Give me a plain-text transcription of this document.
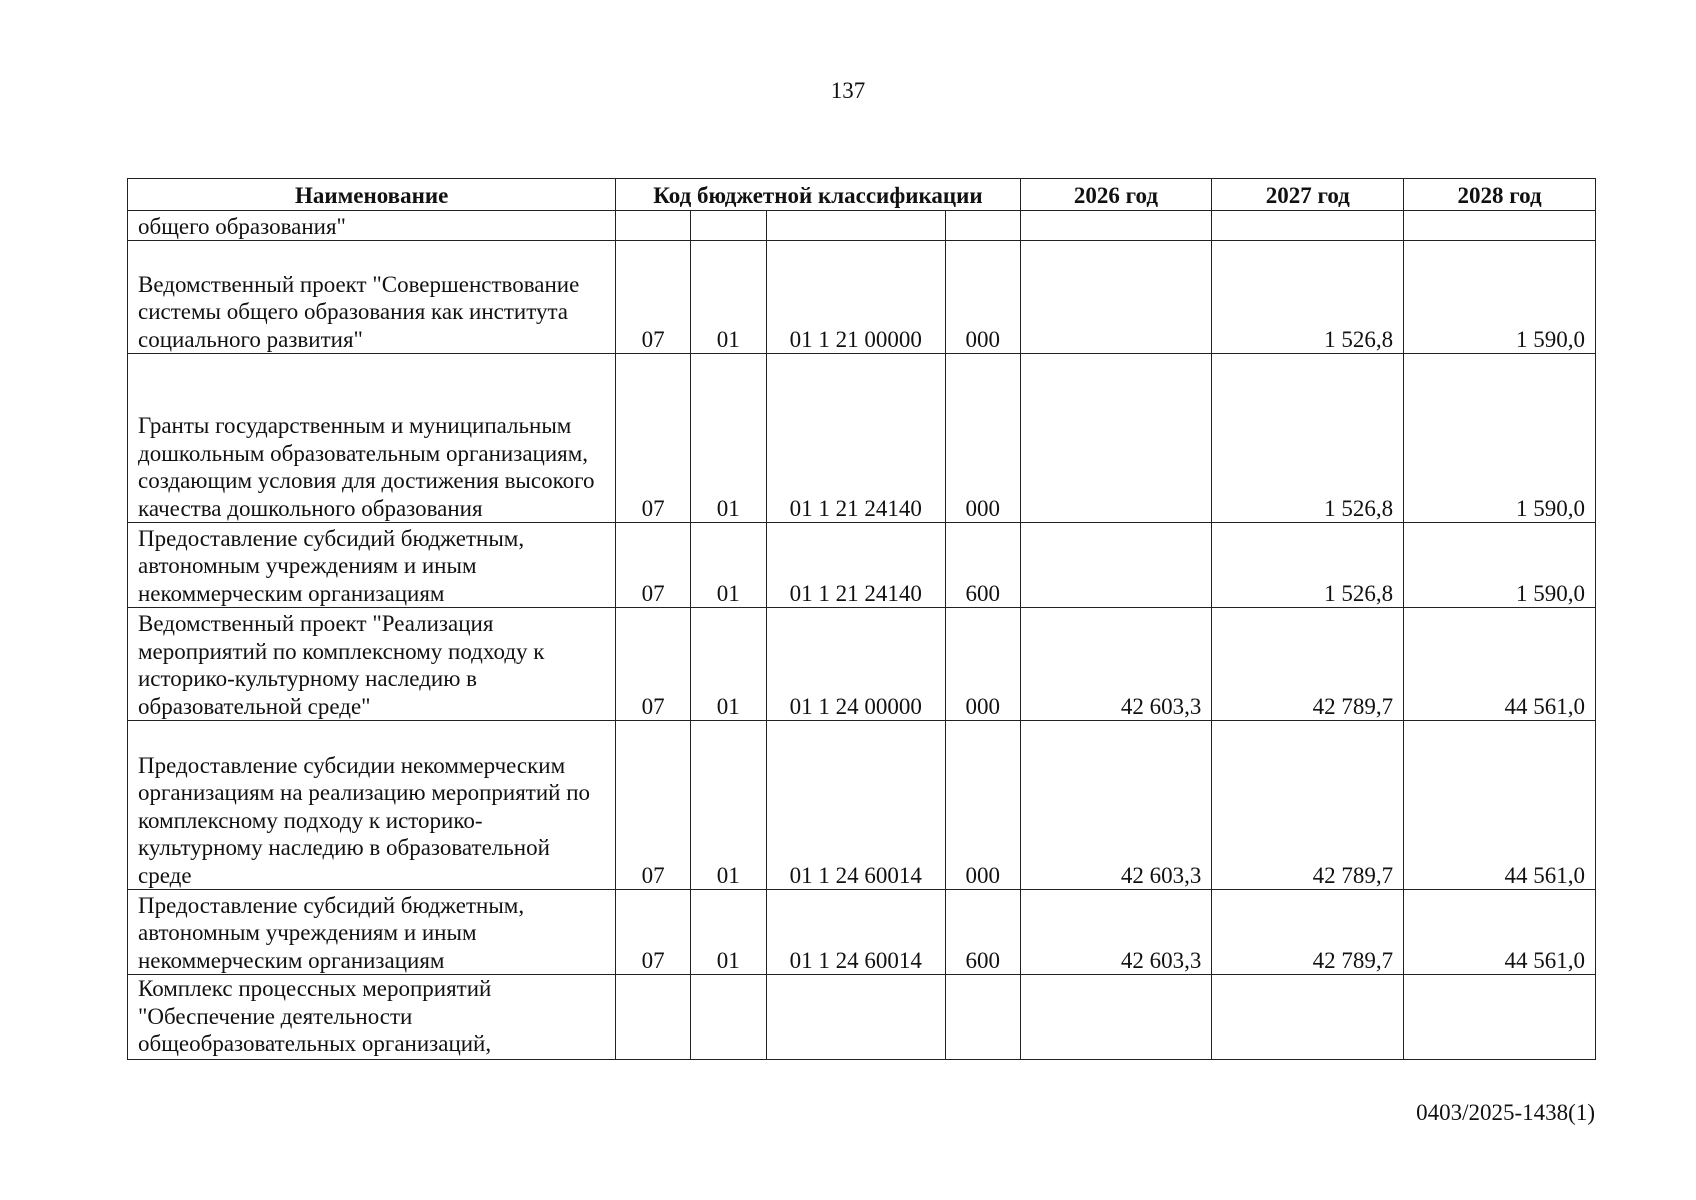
137
Наименование	Код бюджетной классификации				2026 год	2027 год	2028 год
общего образования"							
Ведомственный проект "Совершенствование системы общего образования как института социального развития"	07	01	01 1 21 00000	000		1 526,8	1 590,0
Гранты государственным и муниципальным дошкольным образовательным организациям, создающим условия для достижения высокого качества дошкольного образования	07	01	01 1 21 24140	000		1 526,8	1 590,0
Предоставление субсидий бюджетным, автономным учреждениям и иным некоммерческим организациям	07	01	01 1 21 24140	600		1 526,8	1 590,0
Ведомственный проект "Реализация мероприятий по комплексному подходу к историко-культурному наследию в образовательной среде"	07	01	01 1 24 00000	000	42 603,3	42 789,7	44 561,0
Предоставление субсидии некоммерческим организациям на реализацию мероприятий по комплексному подходу к историко-культурному наследию в образовательной среде	07	01	01 1 24 60014	000	42 603,3	42 789,7	44 561,0
Предоставление субсидий бюджетным, автономным учреждениям и иным некоммерческим организациям	07	01	01 1 24 60014	600	42 603,3	42 789,7	44 561,0
Комплекс процессных мероприятий "Обеспечение деятельности общеобразовательных организаций,							
0403/2025-1438(1)
